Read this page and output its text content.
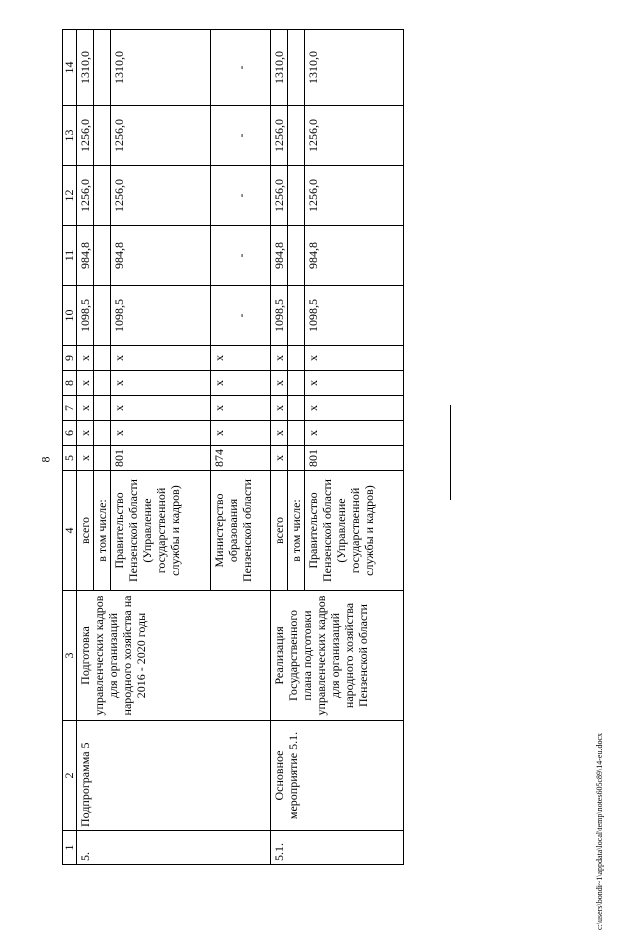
8
1	2	3	4	5	6	7	8	9	10	11	12	13	14
5.	Подпрограмма 5	Подготовка управленческих кадров для организаций народного хозяйства на 2016 - 2020 годы	всего	х	х	х	х	х	1098,5	984,8	1256,0	1256,0	1310,0
			в том числе:										
			Правительство Пензенской области (Управление государственной службы и кадров)	801	х	х	х	х	1098,5	984,8	1256,0	1256,0	1310,0
			Министерство образования Пензенской области	874	х	х	х	х	-	-	-	-	-
5.1.	Основное мероприятие 5.1.	Реализация Государственного плана подготовки управленческих кадров для организаций народного хозяйства Пензенской области	всего	х	х	х	х	х	1098,5	984,8	1256,0	1256,0	1310,0
			в том числе:										
			Правительство Пензенской области (Управление государственной службы и кадров)	801	х	х	х	х	1098,5	984,8	1256,0	1256,0	1310,0
c:\users\bondi~1\appdata\local\temp\notes605c89\14-eu.docx
